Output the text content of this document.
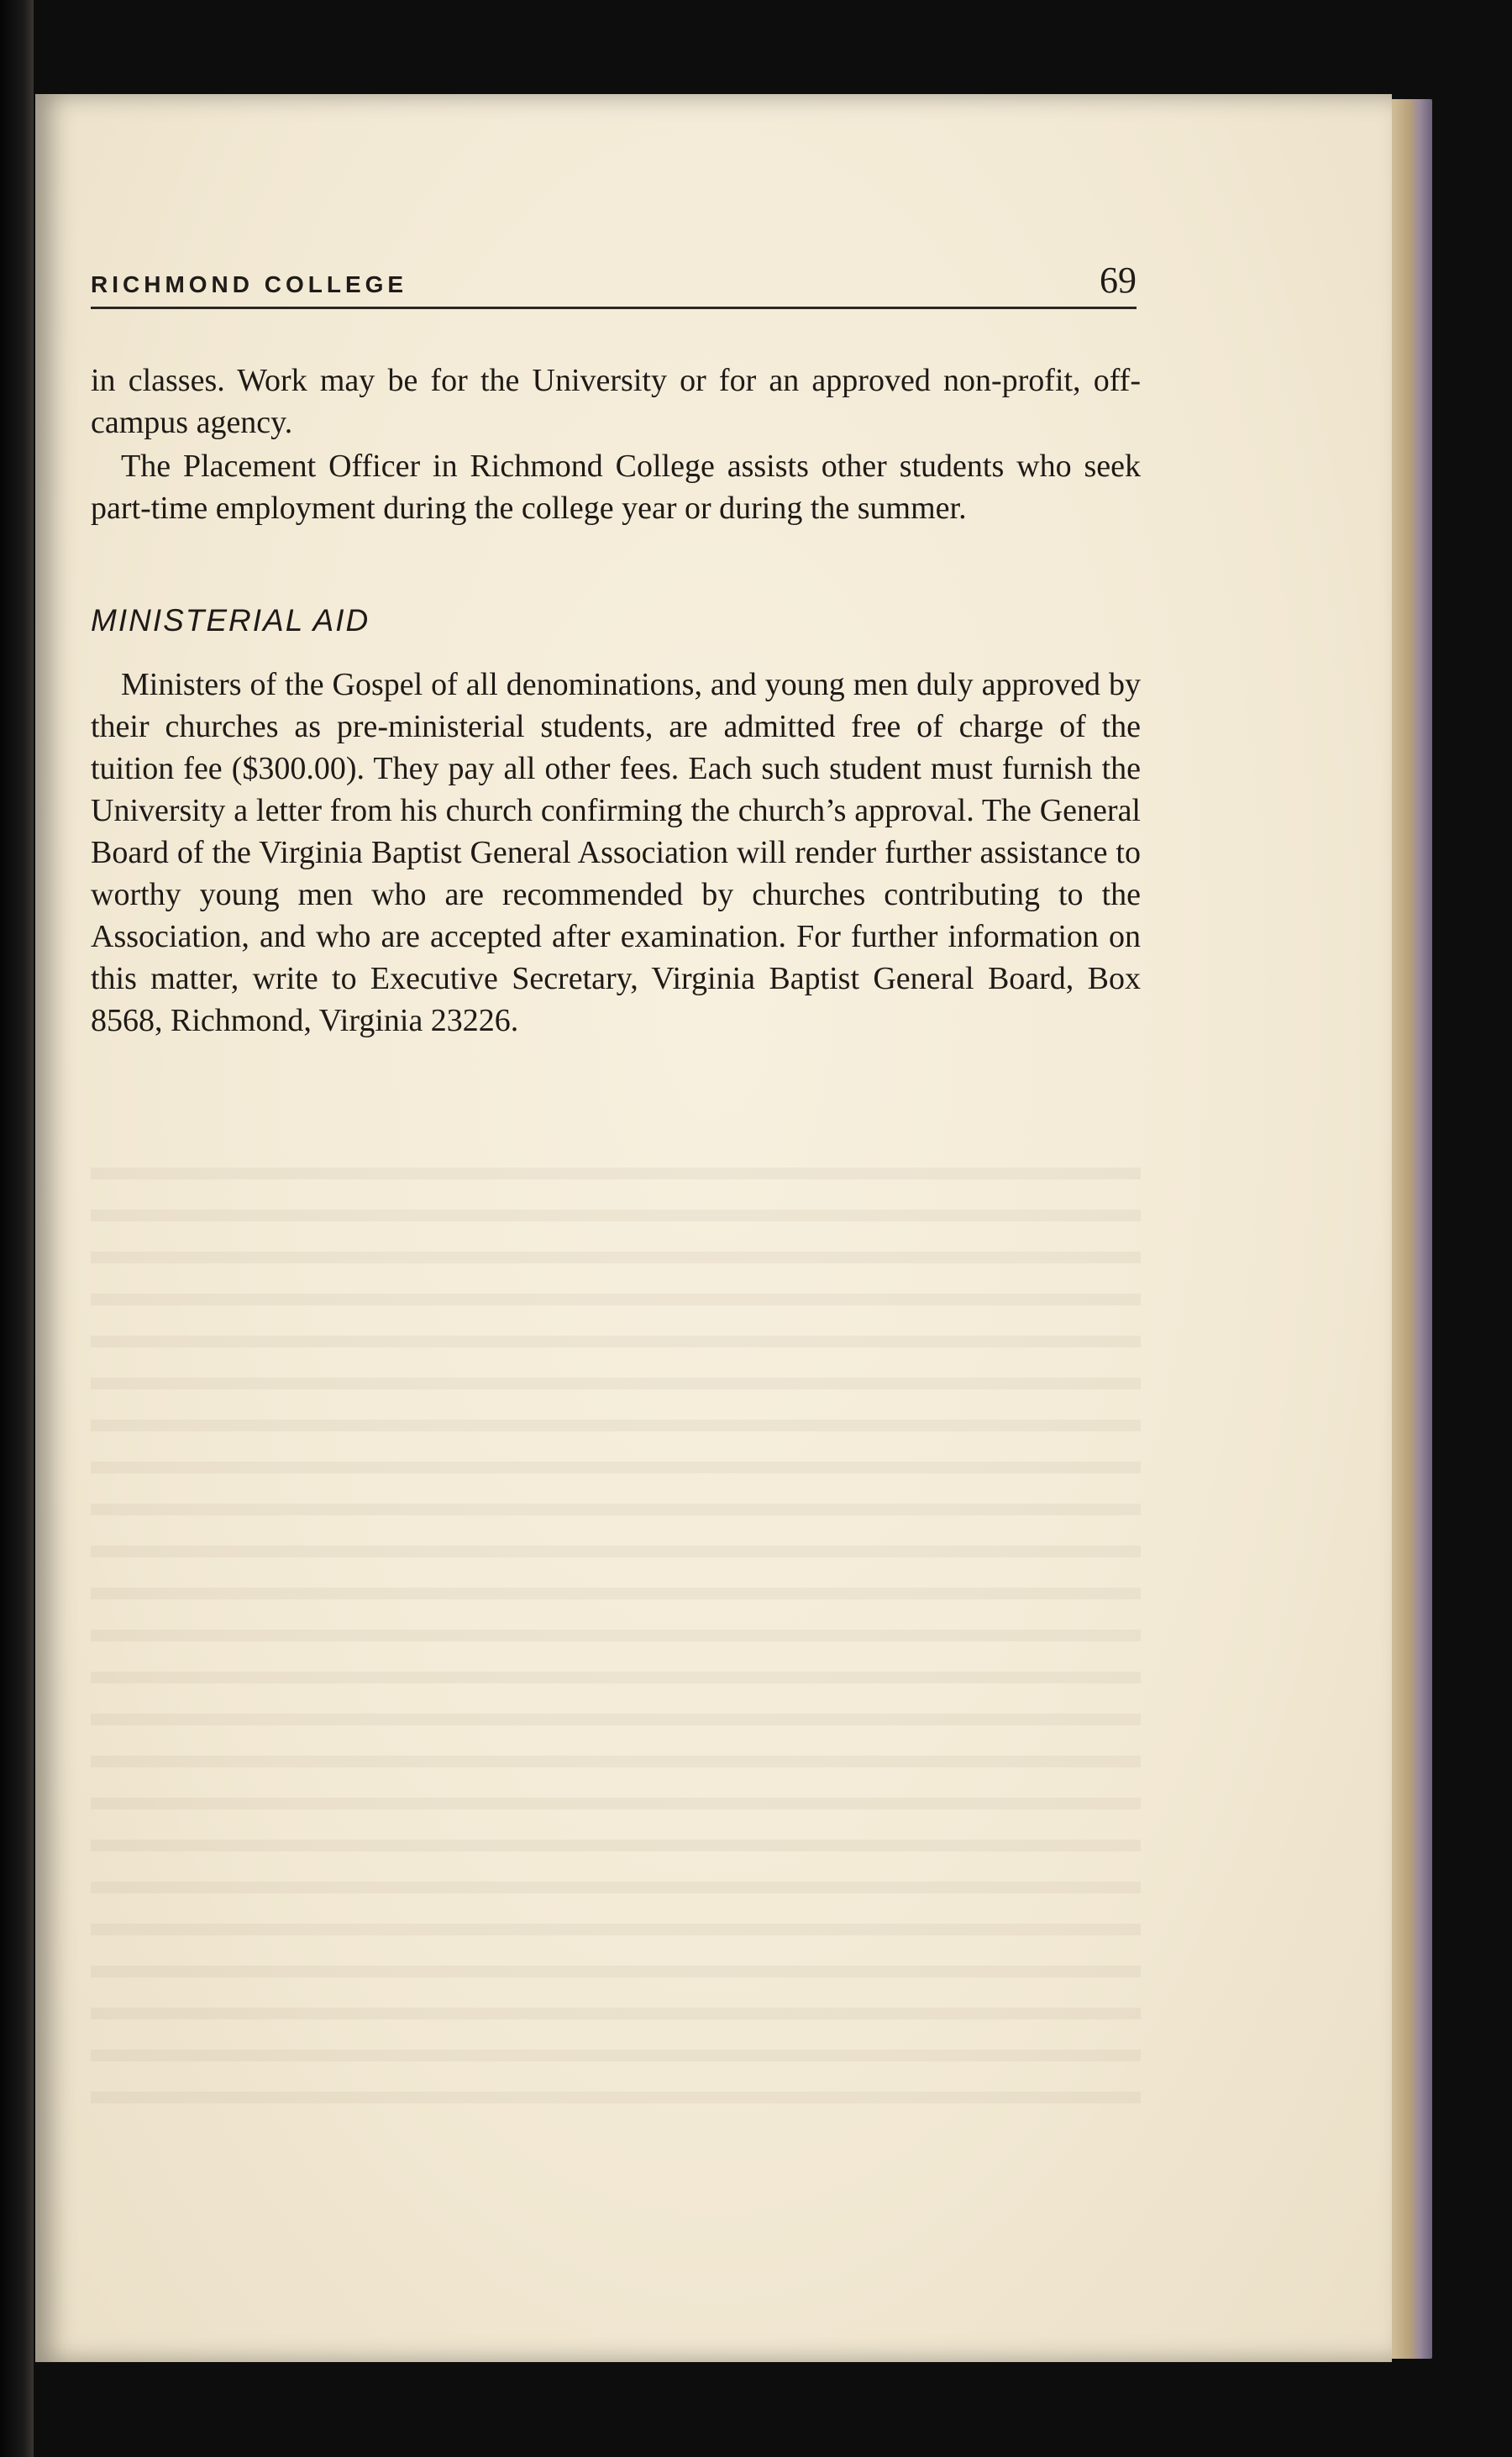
RICHMOND COLLEGE	69

in classes. Work may be for the University or for an approved non-profit, off-campus agency.

The Placement Officer in Richmond College assists other students who seek part-time employment during the college year or during the summer.

MINISTERIAL AID

Ministers of the Gospel of all denominations, and young men duly approved by their churches as pre-ministerial students, are admitted free of charge of the tuition fee ($300.00). They pay all other fees. Each such student must furnish the University a letter from his church confirming the church’s approval. The General Board of the Virginia Baptist General Association will render further assistance to worthy young men who are recommended by churches contributing to the Association, and who are accepted after examination. For further information on this matter, write to Executive Secretary, Virginia Baptist General Board, Box 8568, Richmond, Virginia 23226.
